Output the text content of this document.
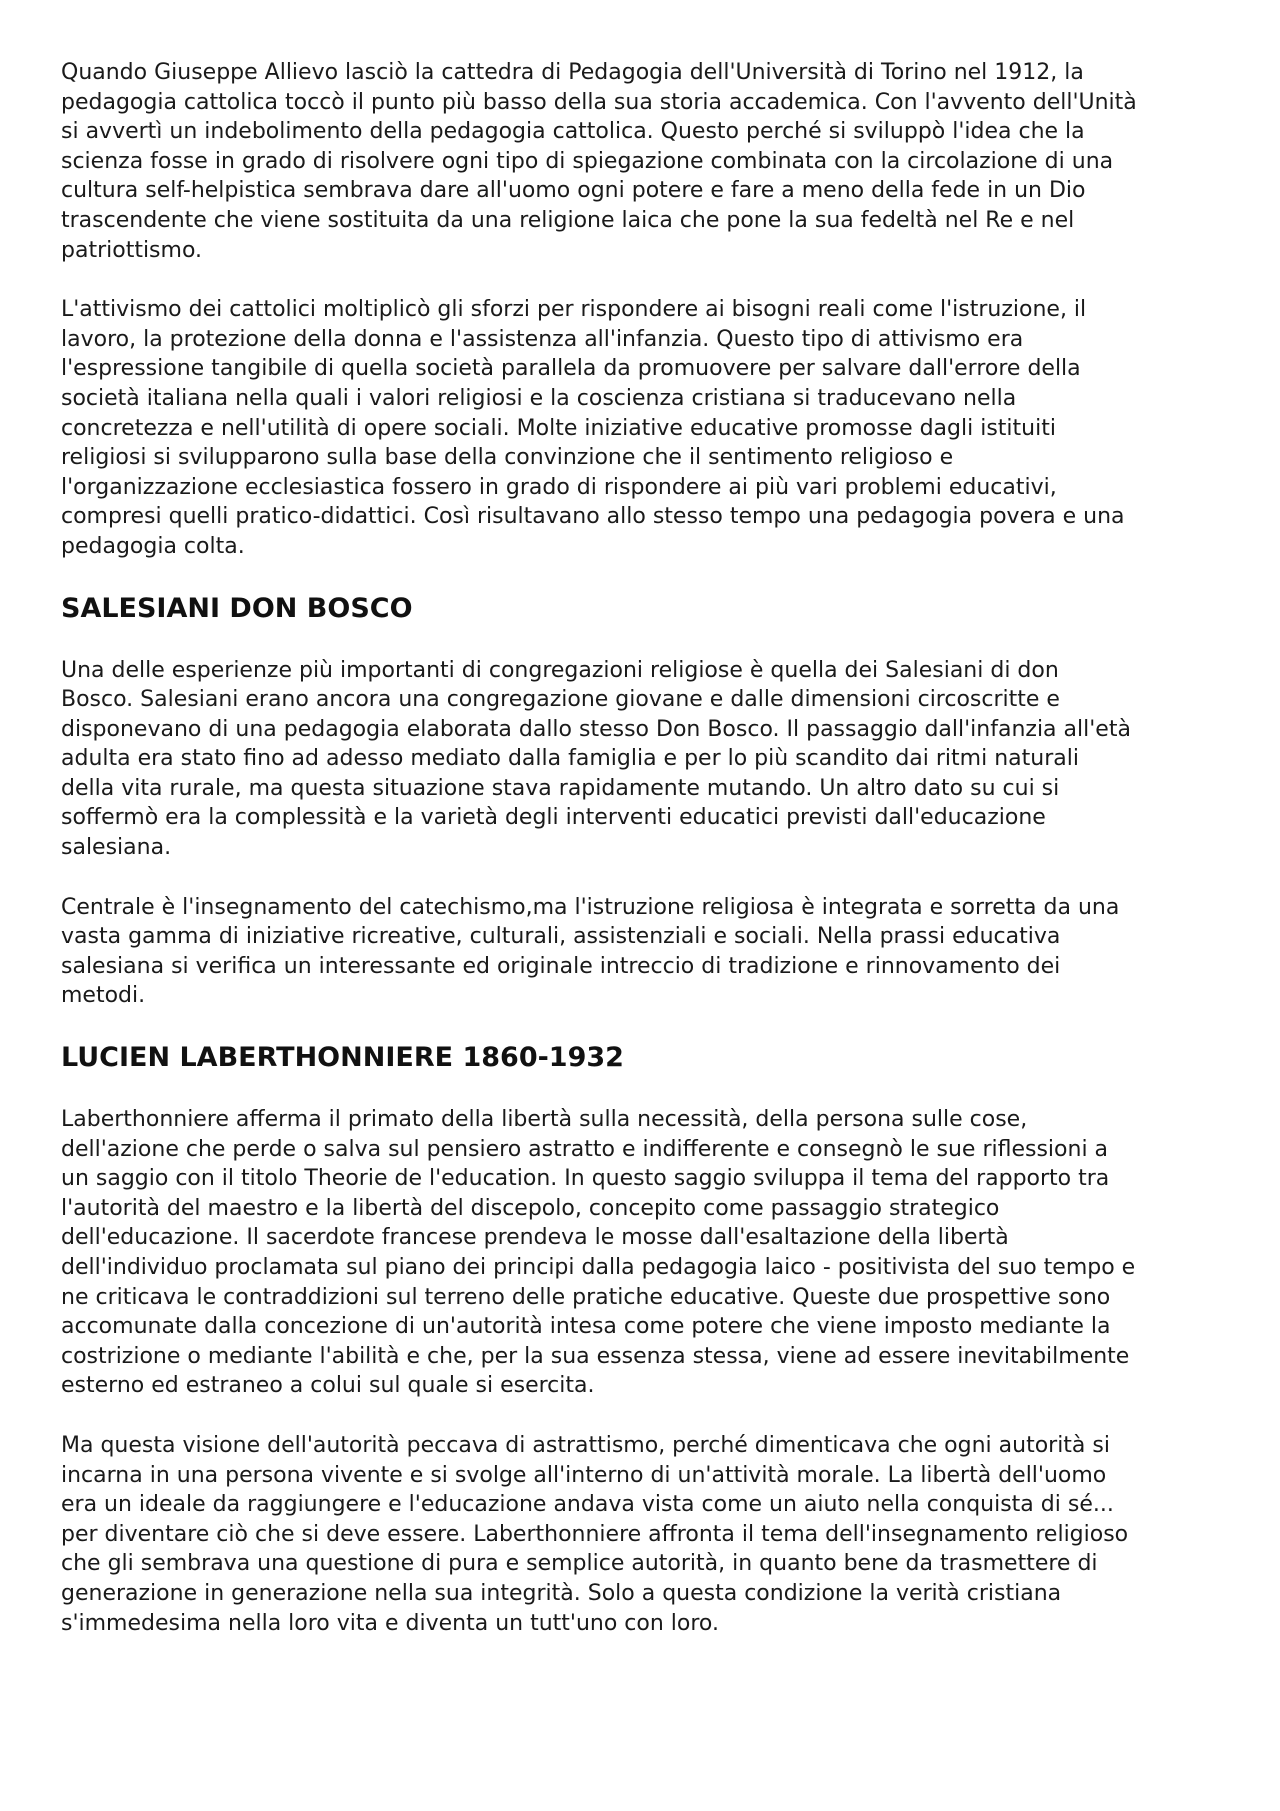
Quando Giuseppe Allievo lasciò la cattedra di Pedagogia dell'Università di Torino nel 1912, la
pedagogia cattolica toccò il punto più basso della sua storia accademica. Con l'avvento dell'Unità
si avvertì un indebolimento della pedagogia cattolica. Questo perché si sviluppò l'idea che la
scienza fosse in grado di risolvere ogni tipo di spiegazione combinata con la circolazione di una
cultura self-helpistica sembrava dare all'uomo ogni potere e fare a meno della fede in un Dio
trascendente che viene sostituita da una religione laica che pone la sua fedeltà nel Re e nel
patriottismo.

L'attivismo dei cattolici moltiplicò gli sforzi per rispondere ai bisogni reali come l'istruzione, il
lavoro, la protezione della donna e l'assistenza all'infanzia. Questo tipo di attivismo era
l'espressione tangibile di quella società parallela da promuovere per salvare dall'errore della
società italiana nella quali i valori religiosi e la coscienza cristiana si traducevano nella
concretezza e nell'utilità di opere sociali. Molte iniziative educative promosse dagli istituiti
religiosi si svilupparono sulla base della convinzione che il sentimento religioso e
l'organizzazione ecclesiastica fossero in grado di rispondere ai più vari problemi educativi,
compresi quelli pratico-didattici. Così risultavano allo stesso tempo una pedagogia povera e una
pedagogia colta.

SALESIANI DON BOSCO

Una delle esperienze più importanti di congregazioni religiose è quella dei Salesiani di don
Bosco. Salesiani erano ancora una congregazione giovane e dalle dimensioni circoscritte e
disponevano di una pedagogia elaborata dallo stesso Don Bosco. Il passaggio dall'infanzia all'età
adulta era stato fino ad adesso mediato dalla famiglia e per lo più scandito dai ritmi naturali
della vita rurale, ma questa situazione stava rapidamente mutando. Un altro dato su cui si
soffermò era la complessità e la varietà degli interventi educatici previsti dall'educazione
salesiana.

Centrale è l'insegnamento del catechismo,ma l'istruzione religiosa è integrata e sorretta da una
vasta gamma di iniziative ricreative, culturali, assistenziali e sociali. Nella prassi educativa
salesiana si verifica un interessante ed originale intreccio di tradizione e rinnovamento dei
metodi.

LUCIEN LABERTHONNIERE 1860-1932

Laberthonniere afferma il primato della libertà sulla necessità, della persona sulle cose,
dell'azione che perde o salva sul pensiero astratto e indifferente e consegnò le sue riflessioni a
un saggio con il titolo Theorie de l'education. In questo saggio sviluppa il tema del rapporto tra
l'autorità del maestro e la libertà del discepolo, concepito come passaggio strategico
dell'educazione. Il sacerdote francese prendeva le mosse dall'esaltazione della libertà
dell'individuo proclamata sul piano dei principi dalla pedagogia laico - positivista del suo tempo e
ne criticava le contraddizioni sul terreno delle pratiche educative. Queste due prospettive sono
accomunate dalla concezione di un'autorità intesa come potere che viene imposto mediante la
costrizione o mediante l'abilità e che, per la sua essenza stessa, viene ad essere inevitabilmente
esterno ed estraneo a colui sul quale si esercita.

Ma questa visione dell'autorità peccava di astrattismo, perché dimenticava che ogni autorità si
incarna in una persona vivente e si svolge all'interno di un'attività morale. La libertà dell'uomo
era un ideale da raggiungere e l'educazione andava vista come un aiuto nella conquista di sé...
per diventare ciò che si deve essere. Laberthonniere affronta il tema dell'insegnamento religioso
che gli sembrava una questione di pura e semplice autorità, in quanto bene da trasmettere di
generazione in generazione nella sua integrità. Solo a questa condizione la verità cristiana
s'immedesima nella loro vita e diventa un tutt'uno con loro.
